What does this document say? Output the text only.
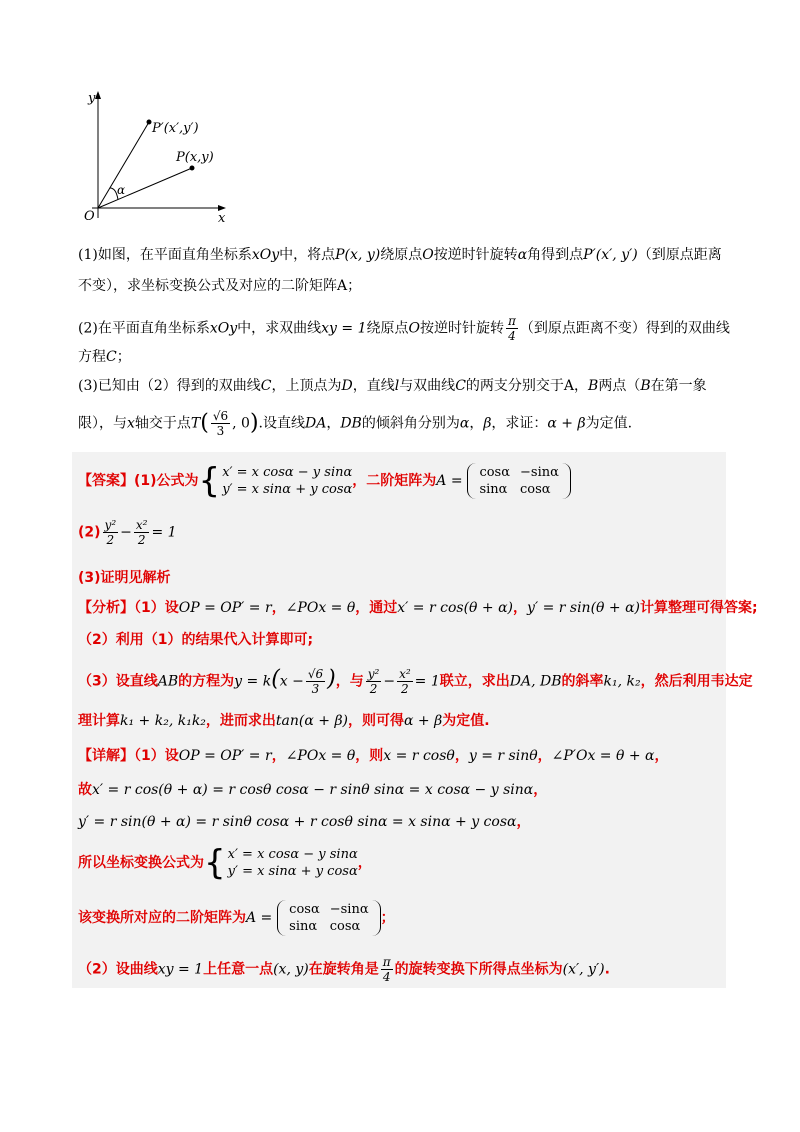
y
x
O
P′(x′,y′)
P(x,y)
α
(1)如图，在平面直角坐标系xOy中，将点P(x, y)绕原点O按逆时针旋转α角得到点P′(x′, y′)（到原点距离
不变），求坐标变换公式及对应的二阶矩阵A；
(2)在平面直角坐标系xOy中，求双曲线xy = 1绕原点O按逆时针旋转 $\frac{\pi}{4}$ （到原点距离不变）得到的双曲线
方程C；
(3)已知由（2）得到的双曲线C，上顶点为D，直线l与双曲线C的两支分别交于A，B两点（B在第一象
限），与x轴交于点$T( \frac{√6}{3}$ , 0).设直线DA，DB的倾斜角分别为α，β，求证：α + β为定值.
【答案】(1)公式为{ x′ = x cosα − y sinα
y′ = x sinα + y cosα
，二阶矩阵为A = cosα	−sinα
sinα	cosα
$(2) \frac{\text{y²}}{2} - \frac{\text{x²}}{2} = 1$
(3)证明见解析
【分析】（1）设OP = OP′ = r，∠POx = θ，通过x′ = r cos(θ + α)，y′ = r sin(θ + α)计算整理可得答案;
（2）利用（1）的结果代入计算即可;
（3）设直线AB的方程为$y = k(x - \frac{√6}{3}$ )，与 $\frac{\text{y²}}{2} - \frac{\text{x²}}{2} = 1$联立，求出DA, DB的斜率k₁, k₂，然后利用韦达定
理计算k₁ + k₂, k₁k₂，进而求出tan(α + β)，则可得α + β为定值.
【详解】（1）设OP = OP′ = r，∠POx = θ，则x = r cosθ，y = r sinθ，∠P′Ox = θ + α，
故x′ = r cos(θ + α) = r cosθ cosα − r sinθ sinα = x cosα − y sinα，
y′ = r sin(θ + α) = r sinθ cosα + r cosθ sinα = x sinα + y cosα，
所以坐标变换公式为{ x′ = x cosα − y sinα
y′ = x sinα + y cosα
，
该变换所对应的二阶矩阵为A = cosα	−sinα
sinα	cosα；
（2）设曲线xy = 1上任意一点(x, y)在旋转角是 $\frac{\pi}{4}$ 的旋转变换下所得点坐标为(x′, y′).
